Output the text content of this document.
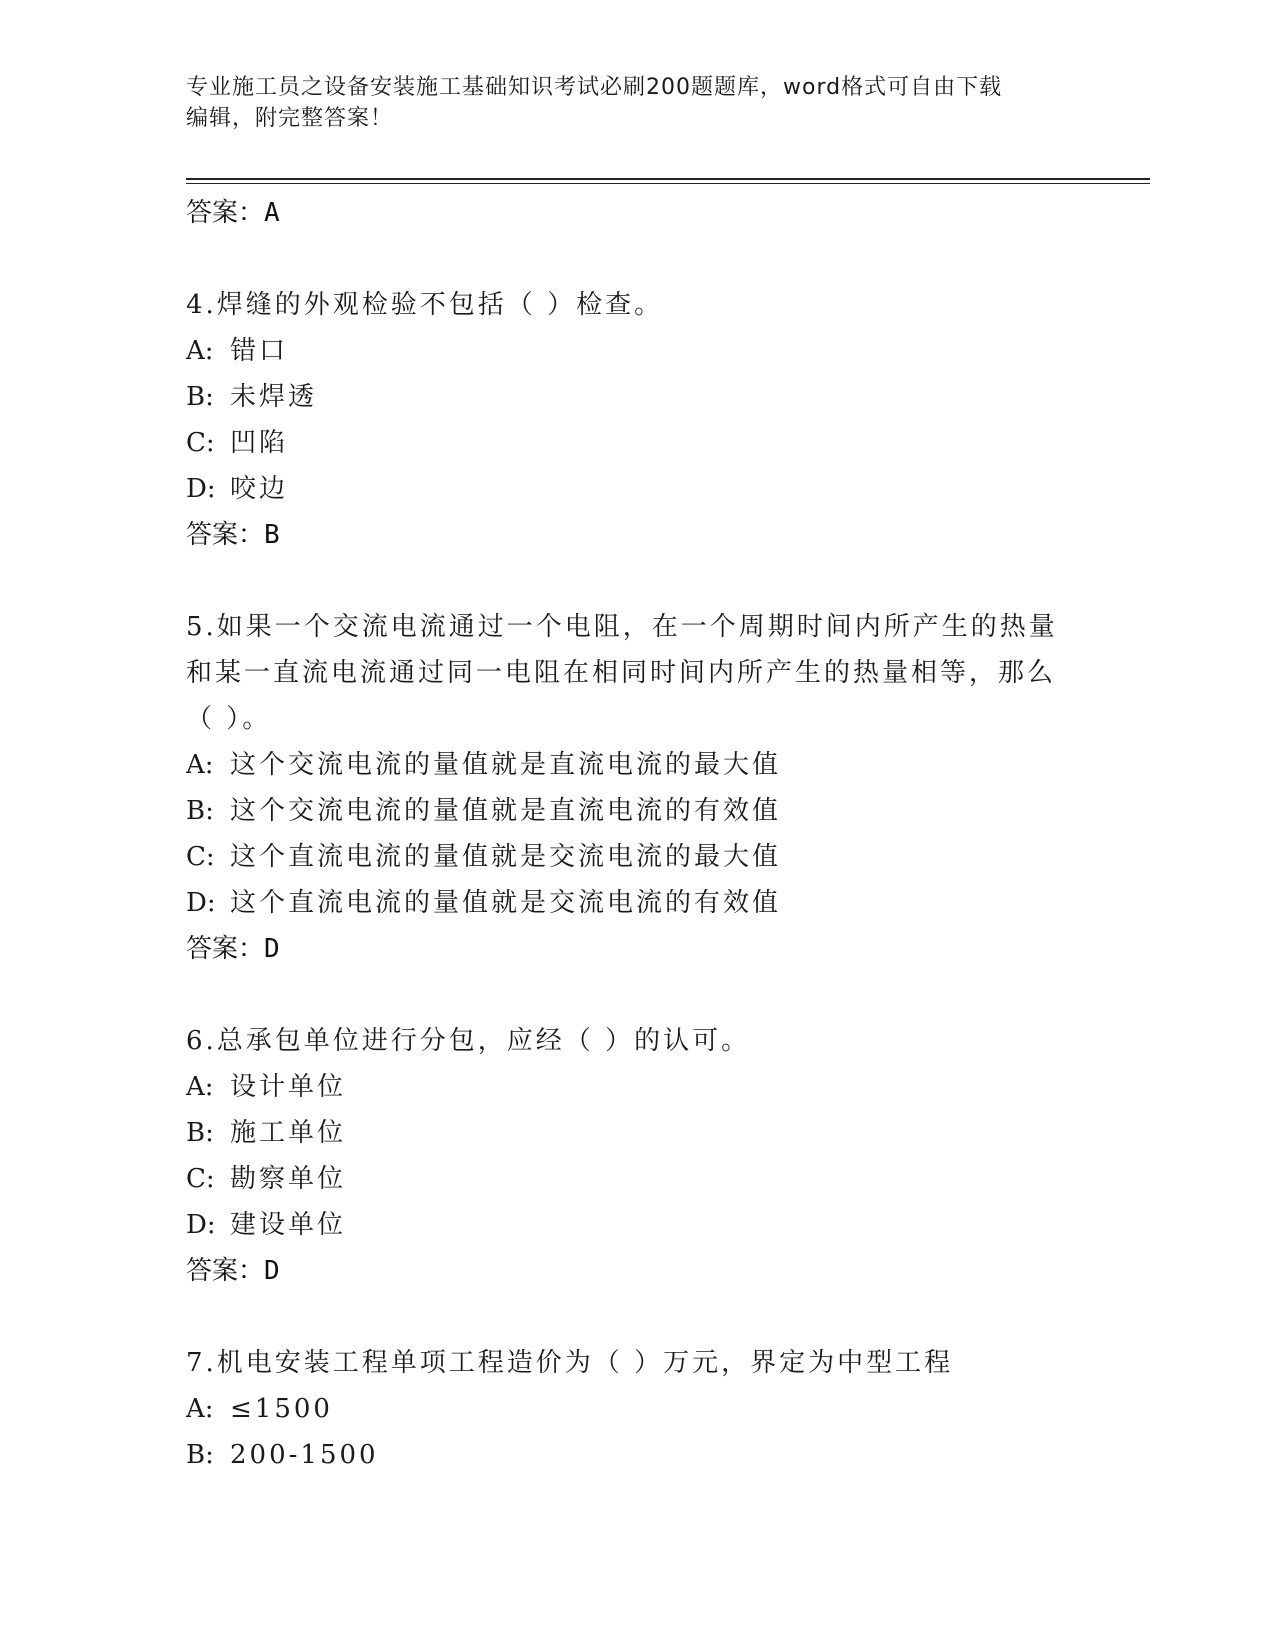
专业施工员之设备安装施工基础知识考试必刷200题题库，word格式可自由下载
编辑，附完整答案！
答案：A
4.焊缝的外观检验不包括（ ）检查。
A: 错口
B: 未焊透
C: 凹陷
D: 咬边
答案：B
5.如果一个交流电流通过一个电阻，在一个周期时间内所产生的热量
和某一直流电流通过同一电阻在相同时间内所产生的热量相等，那么
（ ）。
A: 这个交流电流的量值就是直流电流的最大值
B: 这个交流电流的量值就是直流电流的有效值
C: 这个直流电流的量值就是交流电流的最大值
D: 这个直流电流的量值就是交流电流的有效值
答案：D
6.总承包单位进行分包，应经（ ）的认可。
A: 设计单位
B: 施工单位
C: 勘察单位
D: 建设单位
答案：D
7.机电安装工程单项工程造价为（ ）万元，界定为中型工程
A: ≤1500
B: 200-1500
